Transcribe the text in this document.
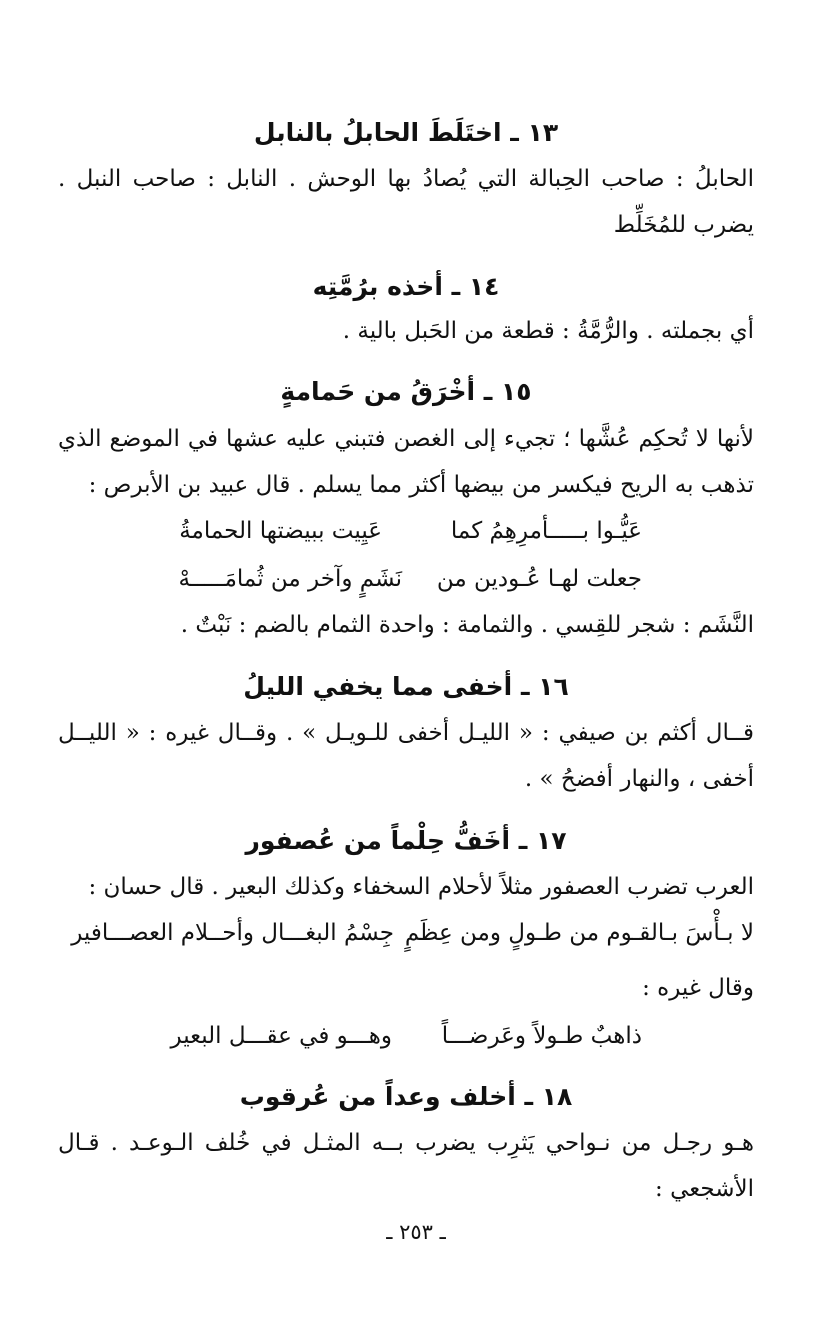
١٣ ـ اختَلَطَ الحابلُ بالنابل
الحابلُ : صاحب الحِبالة التي يُصادُ بها الوحش . النابل : صاحب النبل .
يضرب للمُخَلِّط
١٤ ـ أخذه برُمَّتِه
أي بجملته . والرُّمَّةُ : قطعة من الحَبل بالية .
١٥ ـ أخْرَقُ من حَمامةٍ
لأنها لا تُحكِم عُشَّها ؛ تجيء إلى الغصن فتبني عليه عشها في الموضع الذي
تذهب به الريح فيكسر من بيضها أكثر مما يسلم . قال عبيد بن الأبرص :
عَيُّـوا بـــــأمرِهِمُ كما
عَيِيت ببيضتها الحمامةُ
جعلت لهـا عُـودين من
نَشَمٍ وآخر من ثُمامَـــــهْ
النَّشَم : شجر للقِسي . والثمامة : واحدة الثمام بالضم : نَبْتٌ .
١٦ ـ أخفى مما يخفي الليلُ
قــال أكثم بن صيفي : « الليـل أخفى للـويـل » . وقــال غيره : « الليــل
أخفى ، والنهار أفضحُ » .
١٧ ـ أخَفُّ حِلْماً من عُصفور
العرب تضرب العصفور مثلاً لأحلام السخفاء وكذلك البعير . قال حسان :
لا بـأْسَ بـالقـوم من طـولٍ ومن عِظَمٍ
جِسْمُ البغـــال وأحــلام العصـــافير
وقال غيره :
ذاهبٌ طـولاً وعَرضـــاً
وهـــو في عقـــل البعير
١٨ ـ أخلف وعداً من عُرقوب
هـو رجـل من نـواحي يَثرِب يضرب بــه المثـل في خُلف الـوعـد . قـال
الأشجعي :
ـ ٢٥٣ ـ
